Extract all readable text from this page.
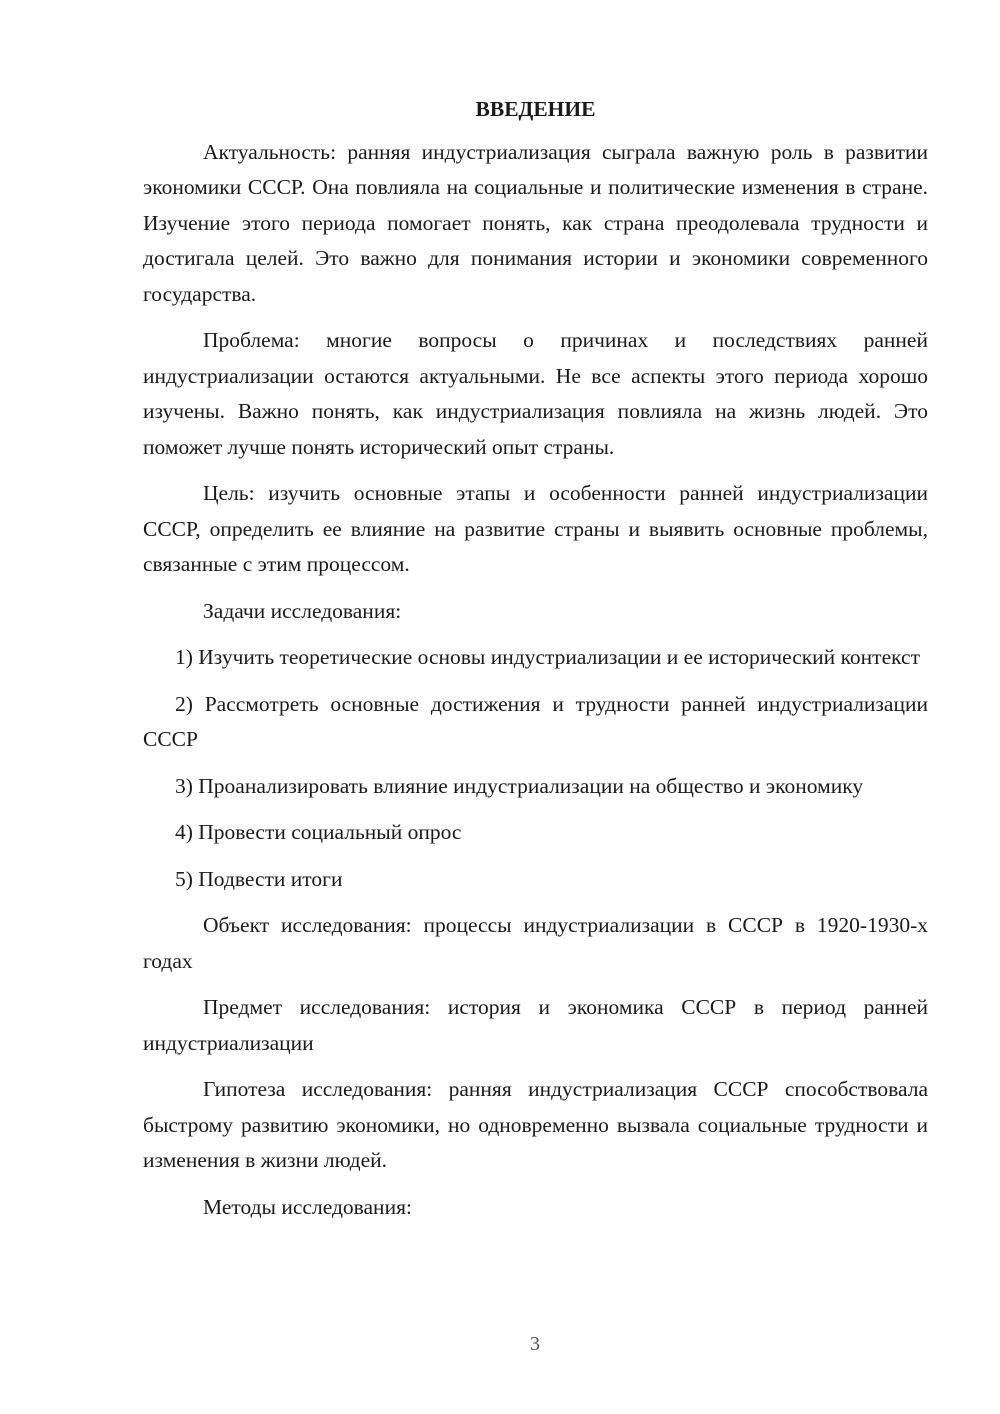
ВВЕДЕНИЕ

Актуальность: ранняя индустриализация сыграла важную роль в развитии экономики СССР. Она повлияла на социальные и политические изменения в стране. Изучение этого периода помогает понять, как страна преодолевала трудности и достигала целей. Это важно для понимания истории и экономики современного государства.

Проблема: многие вопросы о причинах и последствиях ранней индустриализации остаются актуальными. Не все аспекты этого периода хорошо изучены. Важно понять, как индустриализация повлияла на жизнь людей. Это поможет лучше понять исторический опыт страны.

Цель: изучить основные этапы и особенности ранней индустриализации СССР, определить ее влияние на развитие страны и выявить основные проблемы, связанные с этим процессом.

Задачи исследования:

1) Изучить теоретические основы индустриализации и ее исторический контекст

2) Рассмотреть основные достижения и трудности ранней индустриализации СССР

3) Проанализировать влияние индустриализации на общество и экономику

4) Провести социальный опрос

5) Подвести итоги

Объект исследования: процессы индустриализации в СССР в 1920-1930-х годах

Предмет исследования: история и экономика СССР в период ранней индустриализации

Гипотеза исследования: ранняя индустриализация СССР способствовала быстрому развитию экономики, но одновременно вызвала социальные трудности и изменения в жизни людей.

Методы исследования:

3
